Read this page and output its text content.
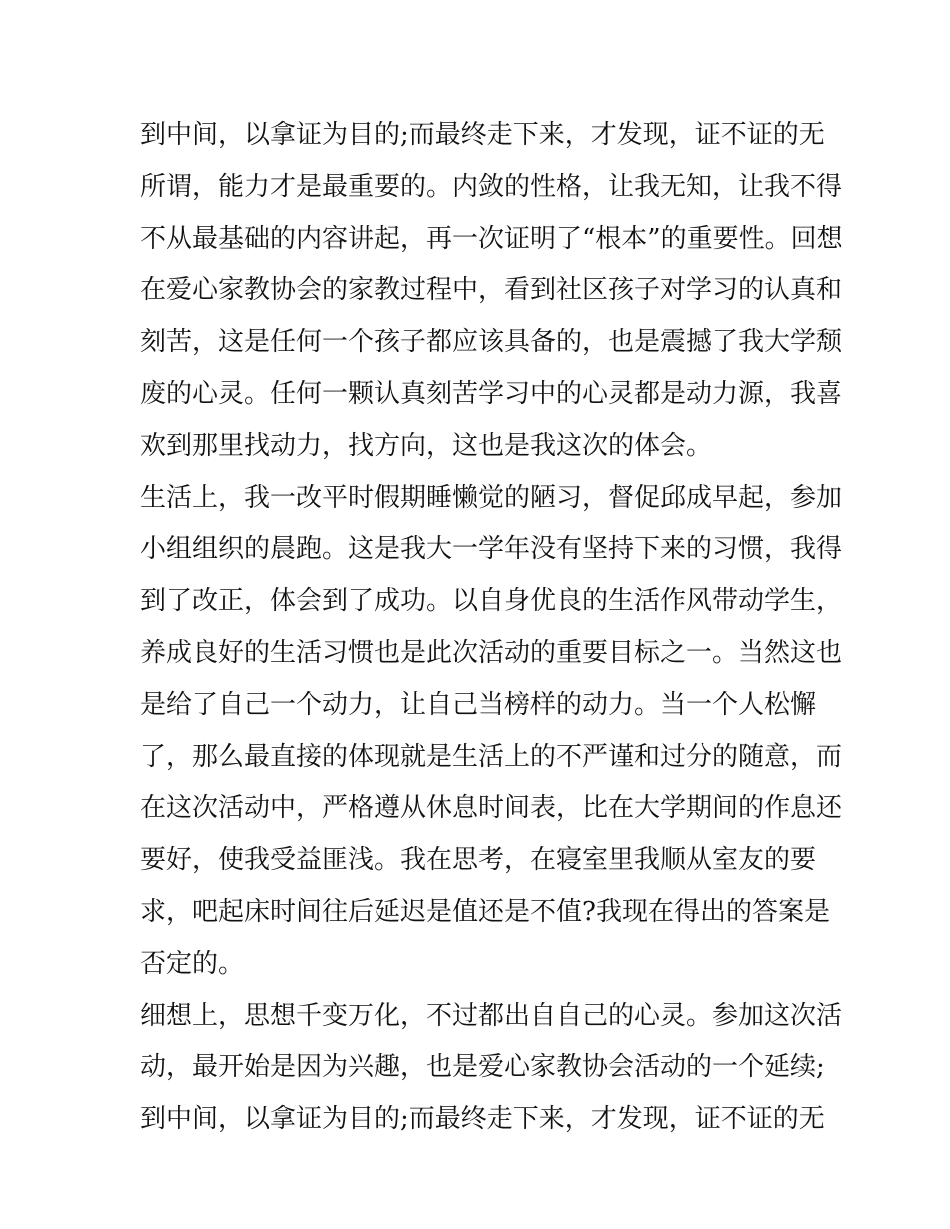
到中间，以拿证为目的;而最终走下来，才发现，证不证的无
所谓，能力才是最重要的。内敛的性格，让我无知，让我不得
不从最基础的内容讲起，再一次证明了“根本”的重要性。回想
在爱心家教协会的家教过程中，看到社区孩子对学习的认真和
刻苦，这是任何一个孩子都应该具备的，也是震撼了我大学颓
废的心灵。任何一颗认真刻苦学习中的心灵都是动力源，我喜
欢到那里找动力，找方向，这也是我这次的体会。
生活上，我一改平时假期睡懒觉的陋习，督促邱成早起，参加
小组组织的晨跑。这是我大一学年没有坚持下来的习惯，我得
到了改正，体会到了成功。以自身优良的生活作风带动学生，
养成良好的生活习惯也是此次活动的重要目标之一。当然这也
是给了自己一个动力，让自己当榜样的动力。当一个人松懈
了，那么最直接的体现就是生活上的不严谨和过分的随意，而
在这次活动中，严格遵从休息时间表，比在大学期间的作息还
要好，使我受益匪浅。我在思考，在寝室里我顺从室友的要
求，吧起床时间往后延迟是值还是不值?我现在得出的答案是
否定的。
细想上，思想千变万化，不过都出自自己的心灵。参加这次活
动，最开始是因为兴趣，也是爱心家教协会活动的一个延续;
到中间，以拿证为目的;而最终走下来，才发现，证不证的无
